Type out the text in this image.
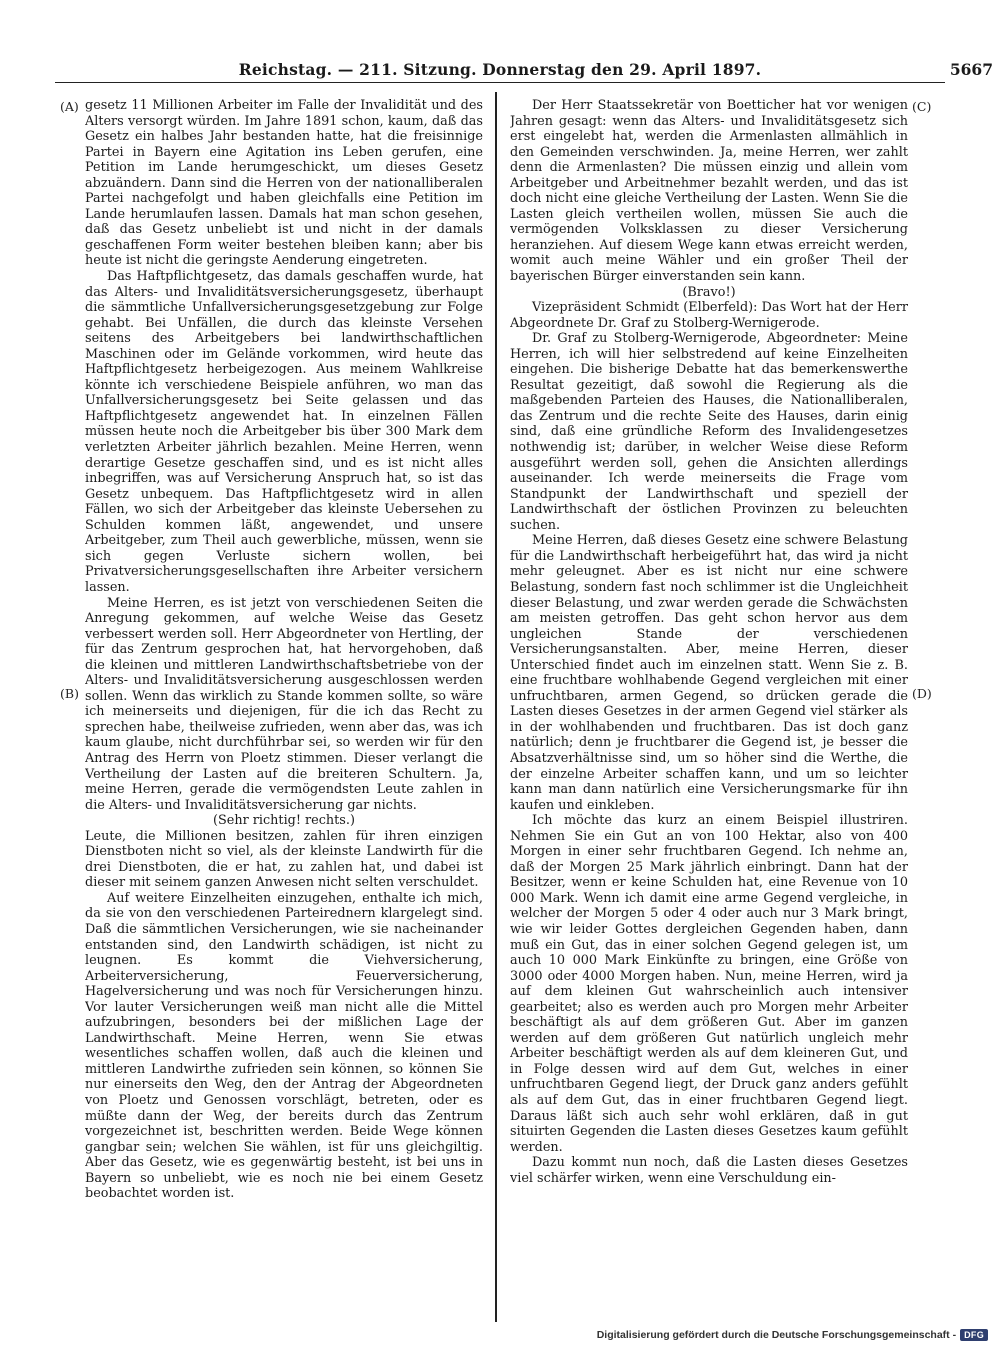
Reichstag. — 211. Sitzung. Donnerstag den 29. April 1897.	5667
(A)
(B)
(C)
(D)

gesetz 11 Millionen Arbeiter im Falle der Invalidität und des Alters versorgt würden. Im Jahre 1891 schon, kaum, daß das Gesetz ein halbes Jahr bestanden hatte, hat die freisinnige Partei in Bayern eine Agitation ins Leben gerufen, eine Petition im Lande herumgeschickt, um dieses Gesetz abzuändern. Dann sind die Herren von der nationalliberalen Partei nachgefolgt und haben gleichfalls eine Petition im Lande herumlaufen lassen. Damals hat man schon gesehen, daß das Gesetz unbeliebt ist und nicht in der damals geschaffenen Form weiter bestehen bleiben kann; aber bis heute ist nicht die geringste Aenderung eingetreten.

Das Haftpflichtgesetz, das damals geschaffen wurde, hat das Alters- und Invaliditätsversicherungsgesetz, überhaupt die sämmtliche Unfallversicherungsgesetzgebung zur Folge gehabt. Bei Unfällen, die durch das kleinste Versehen seitens des Arbeitgebers bei landwirthschaftlichen Maschinen oder im Gelände vorkommen, wird heute das Haftpflichtgesetz herbeigezogen. Aus meinem Wahlkreise könnte ich verschiedene Beispiele anführen, wo man das Unfallversicherungsgesetz bei Seite gelassen und das Haftpflichtgesetz angewendet hat. In einzelnen Fällen müssen heute noch die Arbeitgeber bis über 300 Mark dem verletzten Arbeiter jährlich bezahlen. Meine Herren, wenn derartige Gesetze geschaffen sind, und es ist nicht alles inbegriffen, was auf Versicherung Anspruch hat, so ist das Gesetz unbequem. Das Haftpflichtgesetz wird in allen Fällen, wo sich der Arbeitgeber das kleinste Uebersehen zu Schulden kommen läßt, angewendet, und unsere Arbeitgeber, zum Theil auch gewerbliche, müssen, wenn sie sich gegen Verluste sichern wollen, bei Privatversicherungsgesellschaften ihre Arbeiter versichern lassen.

Meine Herren, es ist jetzt von verschiedenen Seiten die Anregung gekommen, auf welche Weise das Gesetz verbessert werden soll. Herr Abgeordneter von Hertling, der für das Zentrum gesprochen hat, hat hervorgehoben, daß die kleinen und mittleren Landwirthschaftsbetriebe von der Alters- und Invaliditätsversicherung ausgeschlossen werden sollen. Wenn das wirklich zu Stande kommen sollte, so wäre ich meinerseits und diejenigen, für die ich das Recht zu sprechen habe, theilweise zufrieden, wenn aber das, was ich kaum glaube, nicht durchführbar sei, so werden wir für den Antrag des Herrn von Ploetz stimmen. Dieser verlangt die Vertheilung der Lasten auf die breiteren Schultern. Ja, meine Herren, gerade die vermögendsten Leute zahlen in die Alters- und Invaliditätsversicherung gar nichts.

(Sehr richtig! rechts.)

Leute, die Millionen besitzen, zahlen für ihren einzigen Dienstboten nicht so viel, als der kleinste Landwirth für die drei Dienstboten, die er hat, zu zahlen hat, und dabei ist dieser mit seinem ganzen Anwesen nicht selten verschuldet.

Auf weitere Einzelheiten einzugehen, enthalte ich mich, da sie von den verschiedenen Parteirednern klargelegt sind. Daß die sämmtlichen Versicherungen, wie sie nacheinander entstanden sind, den Landwirth schädigen, ist nicht zu leugnen. Es kommt die Viehversicherung, Arbeiterversicherung, Feuerversicherung, Hagelversicherung und was noch für Versicherungen hinzu. Vor lauter Versicherungen weiß man nicht alle die Mittel aufzubringen, besonders bei der mißlichen Lage der Landwirthschaft. Meine Herren, wenn Sie etwas wesentliches schaffen wollen, daß auch die kleinen und mittleren Landwirthe zufrieden sein können, so können Sie nur einerseits den Weg, den der Antrag der Abgeordneten von Ploetz und Genossen vorschlägt, betreten, oder es müßte dann der Weg, der bereits durch das Zentrum vorgezeichnet ist, beschritten werden. Beide Wege können gangbar sein; welchen Sie wählen, ist für uns gleichgiltig. Aber das Gesetz, wie es gegenwärtig besteht, ist bei uns in Bayern so unbeliebt, wie es noch nie bei einem Gesetz beobachtet worden ist.

Der Herr Staatssekretär von Boetticher hat vor wenigen Jahren gesagt: wenn das Alters- und Invaliditätsgesetz sich erst eingelebt hat, werden die Armenlasten allmählich in den Gemeinden verschwinden. Ja, meine Herren, wer zahlt denn die Armenlasten? Die müssen einzig und allein vom Arbeitgeber und Arbeitnehmer bezahlt werden, und das ist doch nicht eine gleiche Vertheilung der Lasten. Wenn Sie die Lasten gleich vertheilen wollen, müssen Sie auch die vermögenden Volksklassen zu dieser Versicherung heranziehen. Auf diesem Wege kann etwas erreicht werden, womit auch meine Wähler und ein großer Theil der bayerischen Bürger einverstanden sein kann.

(Bravo!)

Vizepräsident Schmidt (Elberfeld): Das Wort hat der Herr Abgeordnete Dr. Graf zu Stolberg-Wernigerode.

Dr. Graf zu Stolberg-Wernigerode, Abgeordneter: Meine Herren, ich will hier selbstredend auf keine Einzelheiten eingehen. Die bisherige Debatte hat das bemerkenswerthe Resultat gezeitigt, daß sowohl die Regierung als die maßgebenden Parteien des Hauses, die Nationalliberalen, das Zentrum und die rechte Seite des Hauses, darin einig sind, daß eine gründliche Reform des Invalidengesetzes nothwendig ist; darüber, in welcher Weise diese Reform ausgeführt werden soll, gehen die Ansichten allerdings auseinander. Ich werde meinerseits die Frage vom Standpunkt der Landwirthschaft und speziell der Landwirthschaft der östlichen Provinzen zu beleuchten suchen.

Meine Herren, daß dieses Gesetz eine schwere Belastung für die Landwirthschaft herbeigeführt hat, das wird ja nicht mehr geleugnet. Aber es ist nicht nur eine schwere Belastung, sondern fast noch schlimmer ist die Ungleichheit dieser Belastung, und zwar werden gerade die Schwächsten am meisten getroffen. Das geht schon hervor aus dem ungleichen Stande der verschiedenen Versicherungsanstalten. Aber, meine Herren, dieser Unterschied findet auch im einzelnen statt. Wenn Sie z. B. eine fruchtbare wohlhabende Gegend vergleichen mit einer unfruchtbaren, armen Gegend, so drücken gerade die Lasten dieses Gesetzes in der armen Gegend viel stärker als in der wohlhabenden und fruchtbaren. Das ist doch ganz natürlich; denn je fruchtbarer die Gegend ist, je besser die Absatzverhältnisse sind, um so höher sind die Werthe, die der einzelne Arbeiter schaffen kann, und um so leichter kann man dann natürlich eine Versicherungsmarke für ihn kaufen und einkleben.

Ich möchte das kurz an einem Beispiel illustriren. Nehmen Sie ein Gut an von 100 Hektar, also von 400 Morgen in einer sehr fruchtbaren Gegend. Ich nehme an, daß der Morgen 25 Mark jährlich einbringt. Dann hat der Besitzer, wenn er keine Schulden hat, eine Revenue von 10 000 Mark. Wenn ich damit eine arme Gegend vergleiche, in welcher der Morgen 5 oder 4 oder auch nur 3 Mark bringt, wie wir leider Gottes dergleichen Gegenden haben, dann muß ein Gut, das in einer solchen Gegend gelegen ist, um auch 10 000 Mark Einkünfte zu bringen, eine Größe von 3000 oder 4000 Morgen haben. Nun, meine Herren, wird ja auf dem kleinen Gut wahrscheinlich auch intensiver gearbeitet; also es werden auch pro Morgen mehr Arbeiter beschäftigt als auf dem größeren Gut. Aber im ganzen werden auf dem größeren Gut natürlich ungleich mehr Arbeiter beschäftigt werden als auf dem kleineren Gut, und in Folge dessen wird auf dem Gut, welches in einer unfruchtbaren Gegend liegt, der Druck ganz anders gefühlt als auf dem Gut, das in einer fruchtbaren Gegend liegt. Daraus läßt sich auch sehr wohl erklären, daß in gut situirten Gegenden die Lasten dieses Gesetzes kaum gefühlt werden.

Dazu kommt nun noch, daß die Lasten dieses Gesetzes viel schärfer wirken, wenn eine Verschuldung ein-

Digitalisierung gefördert durch die Deutsche Forschungsgemeinschaft - DFG
